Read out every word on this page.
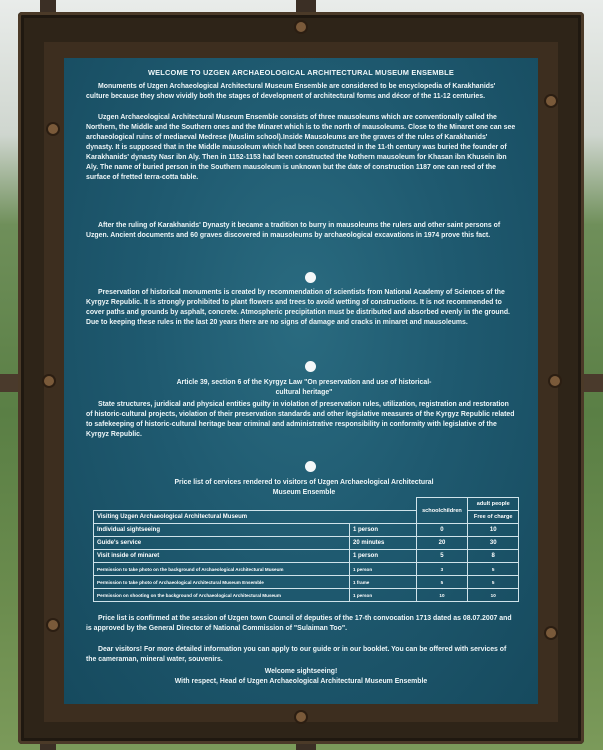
WELCOME TO UZGEN ARCHAEOLOGICAL ARCHITECTURAL MUSEUM ENSEMBLE

Monuments of Uzgen Archaeological Architectural Museum Ensemble are considered to be encyclopedia of Karakhanids' culture because they show vividly both the stages of development of architectural forms and décor of the 11-12 centuries.

Uzgen Archaeological Architectural Museum Ensemble consists of three mausoleums which are conventionally called the Northern, the Middle and the Southern ones and the Minaret which is to the north of mausoleums. Close to the Minaret one can see archaeological ruins of mediaeval Medrese (Muslim school).Inside Mausoleums are the graves of the rules of Karakhanids' dynasty. It is supposed that in the Middle mausoleum which had been constructed in the 11-th century was buried the founder of Karakhanids' dynasty Nasr ibn Aly. Then in 1152-1153 had been constructed the Nothern mausoleum for Khasan ibn Khusein ibn Aly. The name of buried person in the Southern mausoleum is unknown but the date of construction 1187 one can reed of the surface of fretted terra-cotta table.

After the ruling of Karakhanids' Dynasty it became a tradition to burry in mausoleums the rulers and other saint persons of Uzgen. Ancient documents and 60 graves discovered in mausoleums by archaeological excavations in 1974 prove this fact.

Preservation of historical monuments is created by recommendation of scientists from National Academy of Sciences of the Kyrgyz Republic. It is strongly prohibited to plant flowers and trees to avoid wetting of constructions. It is not recommended to cover paths and grounds by asphalt, concrete. Atmospheric precipitation must be distributed and absorbed evenly in the ground. Due to keeping these rules in the last 20 years there are no signs of damage and cracks in minaret and mausoleums.

Article 39, section 6 of the Kyrgyz Law "On preservation and use of historical-cultural heritage"

State structures, juridical and physical entities guilty in violation of preservation rules, utilization, registration and restoration of historic-cultural projects, violation of their preservation standards and other legislative measures of the Kyrgyz Republic related to safekeeping of historic-cultural heritage bear criminal and administrative responsibility in conformity with legislative of the Kyrgyz Republic.

Price list of cervices rendered to visitors of Uzgen Archaeological Architectural Museum Ensemble

		schoolchildren	adult people
Visiting Uzgen Archaeological Architectural Museum			Free of charge
Individual sightseeing	1 person	0	10
Guide's service	20 minutes	20	30
Visit inside of minaret	1 person	5	8
Permission to take photo on the background of Archaeological Architectural Museum	1 person	3	5
Permission to take photo of Archaeological Architectural Museum Ensemble	1 frame	5	5
Permission on shooting on the background of Archaeological Architectural Museum	1 person	10	10

Price list is confirmed at the session of Uzgen town Council of deputies of the 17-th convocation 1713 dated as 08.07.2007 and is approved by the General Director of National Commission of "Sulaiman Too".

Dear visitors! For more detailed information you can apply to our guide or in our booklet. You can be offered with services of the cameraman, mineral water, souvenirs.

Welcome sightseeing!

With respect, Head of Uzgen Archaeological Architectural Museum Ensemble
